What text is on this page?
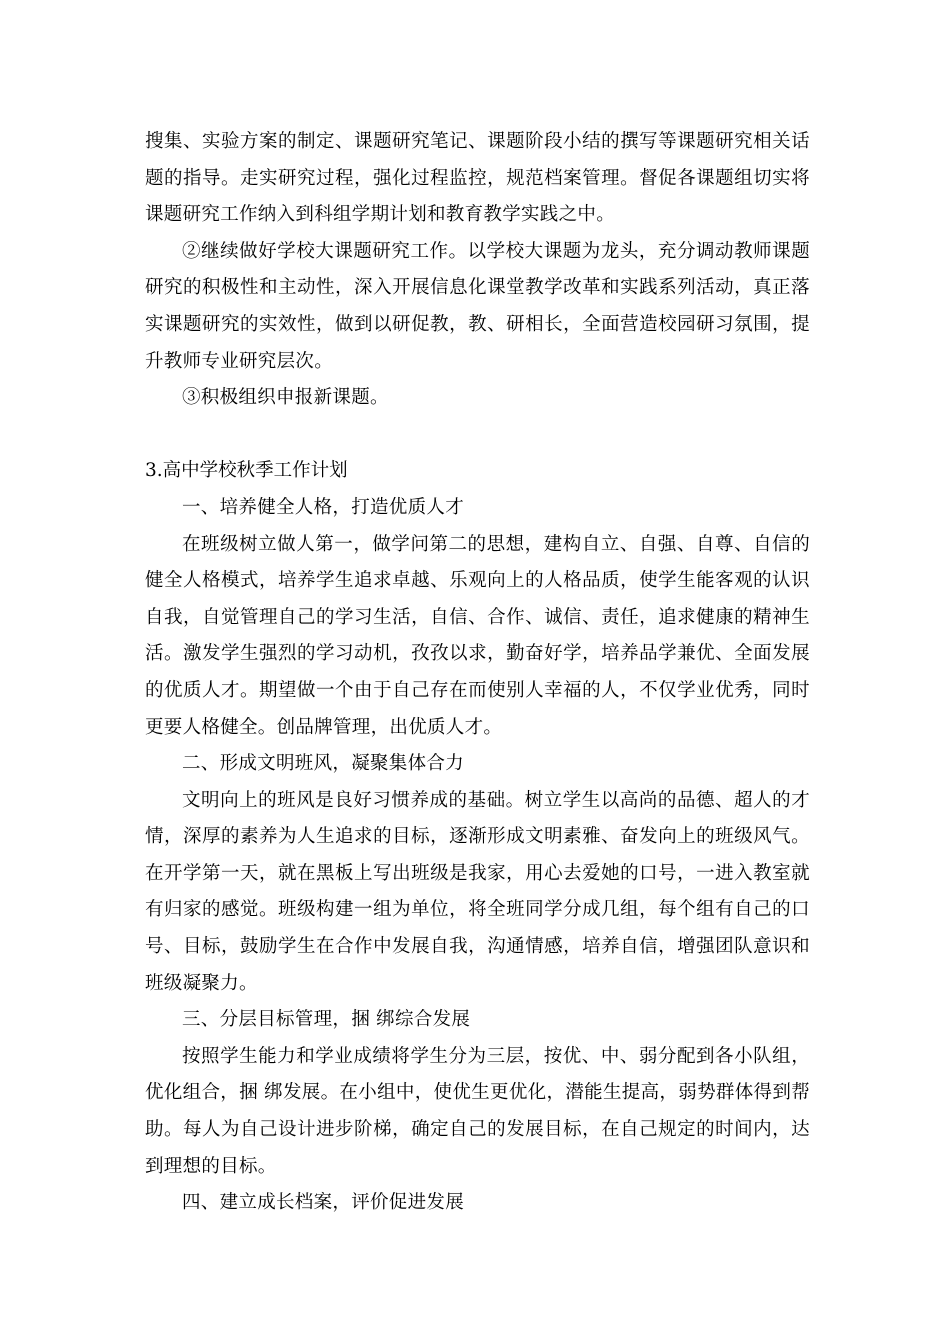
搜集、实验方案的制定、课题研究笔记、课题阶段小结的撰写等课题研究相关话题的指导。走实研究过程，强化过程监控，规范档案管理。督促各课题组切实将课题研究工作纳入到科组学期计划和教育教学实践之中。

②继续做好学校大课题研究工作。以学校大课题为龙头，充分调动教师课题研究的积极性和主动性，深入开展信息化课堂教学改革和实践系列活动，真正落实课题研究的实效性，做到以研促教，教、研相长，全面营造校园研习氛围，提升教师专业研究层次。

③积极组织申报新课题。

3.高中学校秋季工作计划

一、培养健全人格，打造优质人才

在班级树立做人第一，做学问第二的思想，建构自立、自强、自尊、自信的健全人格模式，培养学生追求卓越、乐观向上的人格品质，使学生能客观的认识自我，自觉管理自己的学习生活，自信、合作、诚信、责任，追求健康的精神生活。激发学生强烈的学习动机，孜孜以求，勤奋好学，培养品学兼优、全面发展的优质人才。期望做一个由于自己存在而使别人幸福的人，不仅学业优秀，同时更要人格健全。创品牌管理，出优质人才。

二、形成文明班风，凝聚集体合力

文明向上的班风是良好习惯养成的基础。树立学生以高尚的品德、超人的才情，深厚的素养为人生追求的目标，逐渐形成文明素雅、奋发向上的班级风气。在开学第一天，就在黑板上写出班级是我家，用心去爱她的口号，一进入教室就有归家的感觉。班级构建一组为单位，将全班同学分成几组，每个组有自己的口号、目标，鼓励学生在合作中发展自我，沟通情感，培养自信，增强团队意识和班级凝聚力。

三、分层目标管理，捆 绑综合发展

按照学生能力和学业成绩将学生分为三层，按优、中、弱分配到各小队组，优化组合，捆 绑发展。在小组中，使优生更优化，潜能生提高，弱势群体得到帮助。每人为自己设计进步阶梯，确定自己的发展目标，在自己规定的时间内，达到理想的目标。

四、建立成长档案，评价促进发展
